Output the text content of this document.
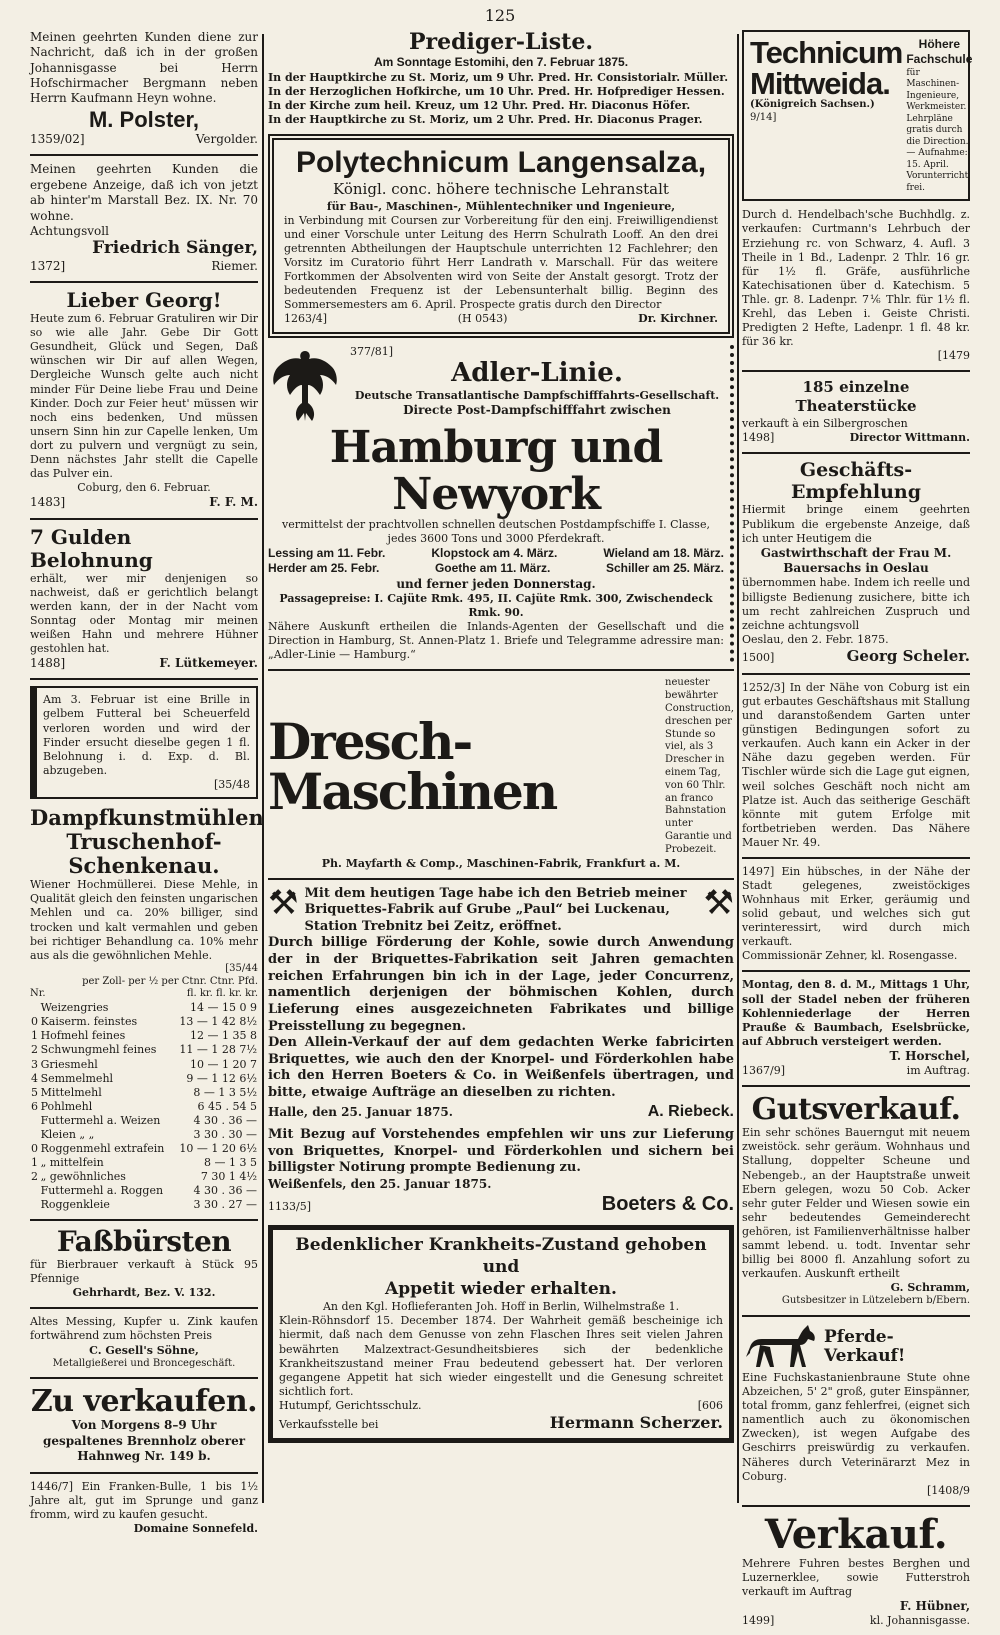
125

Meinen geehrten Kunden diene zur Nachricht, daß ich in der großen Johannisgasse bei Herrn Hofschirmacher Bergmann neben Herrn Kaufmann Heyn wohne.

M. Polster,
1359/02]	Vergolder.

Meinen geehrten Kunden die ergebene Anzeige, daß ich von jetzt ab hinter'm Marstall Bez. IX. Nr. 70 wohne.

Achtungsvoll
Friedrich Sänger,
1372]	Riemer.
Lieber Georg!

Heute zum 6. Februar Gratuliren wir Dir so wie alle Jahr. Gebe Dir Gott Gesundheit, Glück und Segen, Daß wünschen wir Dir auf allen Wegen, Dergleiche Wunsch gelte auch nicht minder Für Deine liebe Frau und Deine Kinder. Doch zur Feier heut' müssen wir noch eins bedenken, Und müssen unsern Sinn hin zur Capelle lenken, Um dort zu pulvern und vergnügt zu sein, Denn nächstes Jahr stellt die Capelle das Pulver ein.

Coburg, den 6. Februar.
1483]	F. F. M.
7 Gulden Belohnung

erhält, wer mir denjenigen so nachweist, daß er gerichtlich belangt werden kann, der in der Nacht vom Sonntag oder Montag mir meinen weißen Hahn und mehrere Hühner gestohlen hat.

1488]	F. Lütkemeyer.

Am 3. Februar ist eine Brille in gelbem Futteral bei Scheuerfeld verloren worden und wird der Finder ersucht dieselbe gegen 1 fl. Belohnung i. d. Exp. d. Bl. abzugeben.

[35/48
Dampfkunstmühlen
Truschenhof-Schenkenau.

Wiener Hochmüllerei. Diese Mehle, in Qualität gleich den feinsten ungarischen Mehlen und ca. 20% billiger, sind trocken und kalt vermahlen und geben bei richtiger Behandlung ca. 10% mehr aus als die gewöhnlichen Mehle.

[35/44
per Zoll- per ½ per Ctnr. Ctnr. Pfd.
Nr.	fl. kr. fl. kr. kr.
	Weizengries	14 — 15 0 9
0	Kaiserm. feinstes	13 — 1 42 8½
1	Hofmehl feines	12 — 1 35 8
2	Schwungmehl feines	11 — 1 28 7½
3	Griesmehl	10 — 1 20 7
4	Semmelmehl	9 — 1 12 6½
5	Mittelmehl	8 — 1 3 5½
6	Pohlmehl	6 45 . 54 5
	Futtermehl a. Weizen	4 30 . 36 —
	Kleien „ „	3 30 . 30 —
0	Roggenmehl extrafein	10 — 1 20 6½
1	„ mittelfein	8 — 1 3 5
2	„ gewöhnliches	7 30 1 4½
	Futtermehl a. Roggen	4 30 . 36 —
	Roggenkleie	3 30 . 27 —
Faßbürsten

für Bierbrauer verkauft à Stück 95 Pfennige

Gehrhardt, Bez. V. 132.

Altes Messing, Kupfer u. Zink kaufen fortwährend zum höchsten Preis

C. Gesell's Söhne,
Metallgießerei und Broncegeschäft.
Zu verkaufen.

Von Morgens 8–9 Uhr gespaltenes Brennholz oberer Hahnweg Nr. 149 b.

1446/7] Ein Franken-Bulle, 1 bis 1½ Jahre alt, gut im Sprunge und ganz fromm, wird zu kaufen gesucht.

Domaine Sonnefeld.
Prediger-Liste.
Am Sonntage Estomihi, den 7. Februar 1875.
In der Hauptkirche zu St. Moriz, um 9 Uhr. Pred. Hr. Consistorialr. Müller.
In der Herzoglichen Hofkirche, um 10 Uhr. Pred. Hr. Hofprediger Hessen.
In der Kirche zum heil. Kreuz, um 12 Uhr. Pred. Hr. Diaconus Höfer.
In der Hauptkirche zu St. Moriz, um 2 Uhr. Pred. Hr. Diaconus Prager.
Polytechnicum Langensalza,
Königl. conc. höhere technische Lehranstalt
für Bau-, Maschinen-, Mühlentechniker und Ingenieure,

in Verbindung mit Coursen zur Vorbereitung für den einj. Freiwilligendienst und einer Vorschule unter Leitung des Herrn Schulrath Looff. An den drei getrennten Abtheilungen der Hauptschule unterrichten 12 Fachlehrer; den Vorsitz im Curatorio führt Herr Landrath v. Marschall. Für das weitere Fortkommen der Absolventen wird von Seite der Anstalt gesorgt. Trotz der bedeutenden Frequenz ist der Lebensunterhalt billig. Beginn des Sommersemesters am 6. April. Prospecte gratis durch den Director

1263/4]	(H 0543)	Dr. Kirchner.
377/81]
Adler-Linie.
Deutsche Transatlantische Dampfschifffahrts-Gesellschaft.
Directe Post-Dampfschifffahrt zwischen
Hamburg und Newyork

vermittelst der prachtvollen schnellen deutschen Postdampfschiffe I. Classe, jedes 3600 Tons und 3000 Pferdekraft.

Lessing am 11. Febr.	Klopstock am 4. März.	Wieland am 18. März.
Herder am 25. Febr.	Goethe am 11. März.	Schiller am 25. März.
und ferner jeden Donnerstag.
Passagepreise: I. Cajüte Rmk. 495, II. Cajüte Rmk. 300, Zwischendeck Rmk. 90.

Nähere Auskunft ertheilen die Inlands-Agenten der Gesellschaft und die Direction in Hamburg, St. Annen-Platz 1. Briefe und Telegramme adressire man: „Adler-Linie — Hamburg.“

Dresch-Maschinen
neuester bewährter Construction, dreschen per Stunde so viel, als 3 Drescher in einem Tag, von 60 Thlr. an franco Bahnstation unter Garantie und Probezeit.
Ph. Mayfarth & Comp., Maschinen-Fabrik, Frankfurt a. M.
⚒ Mit dem heutigen Tage habe ich den Betrieb meiner Briquettes-Fabrik auf Grube „Paul“ bei Luckenau, Station Trebnitz bei Zeitz, eröffnet.

⚒

Durch billige Förderung der Kohle, sowie durch Anwendung der in der Briquettes-Fabrikation seit Jahren gemachten reichen Erfahrungen bin ich in der Lage, jeder Concurrenz, namentlich derjenigen der böhmischen Kohlen, durch Lieferung eines ausgezeichneten Fabrikates und billige Preisstellung zu begegnen.

Den Allein-Verkauf der auf dem gedachten Werke fabricirten Briquettes, wie auch den der Knorpel- und Förderkohlen habe ich den Herren Boeters & Co. in Weißenfels übertragen, und bitte, etwaige Aufträge an dieselben zu richten.

Halle, den 25. Januar 1875.	A. Riebeck.

Mit Bezug auf Vorstehendes empfehlen wir uns zur Lieferung von Briquettes, Knorpel- und Förderkohlen und sichern bei billigster Notirung prompte Bedienung zu.

Weißenfels, den 25. Januar 1875.
1133/5]	Boeters & Co.
Bedenklicher Krankheits-Zustand gehoben und
Appetit wieder erhalten.
An den Kgl. Hoflieferanten Joh. Hoff in Berlin, Wilhelmstraße 1.

Klein-Röhnsdorf 15. December 1874. Der Wahrheit gemäß bescheinige ich hiermit, daß nach dem Genusse von zehn Flaschen Ihres seit vielen Jahren bewährten Malzextract-Gesundheitsbieres sich der bedenkliche Krankheitszustand meiner Frau bedeutend gebessert hat. Der verloren gegangene Appetit hat sich wieder eingestellt und die Genesung schreitet sichtlich fort.

Hutumpf, Gerichtsschulz.	[606
Verkaufsstelle bei	Hermann Scherzer.
Technicum
Mittweida.
(Königreich Sachsen.)
9/14]
Höhere Fachschule
für Maschinen-Ingenieure, Werkmeister. Lehrpläne gratis durch die Direction. — Aufnahme: 15. April. Vorunterricht frei.

Durch d. Hendelbach'sche Buchhdlg. z. verkaufen: Curtmann's Lehrbuch der Erziehung rc. von Schwarz, 4. Aufl. 3 Theile in 1 Bd., Ladenpr. 2 Thlr. 16 gr. für 1½ fl. Gräfe, ausführliche Katechisationen über d. Katechism. 5 Thle. gr. 8. Ladenpr. 7⅙ Thlr. für 1½ fl. Krehl, das Leben i. Geiste Christi. Predigten 2 Hefte, Ladenpr. 1 fl. 48 kr. für 36 kr.

[1479
185 einzelne Theaterstücke
verkauft à ein Silbergroschen
1498]	Director Wittmann.
Geschäfts-Empfehlung

Hiermit bringe einem geehrten Publikum die ergebenste Anzeige, daß ich unter Heutigem die

Gastwirthschaft der Frau M. Bauersachs in Oeslau

übernommen habe. Indem ich reelle und billigste Bedienung zusichere, bitte ich um recht zahlreichen Zuspruch und zeichne achtungsvoll

Oeslau, den 2. Febr. 1875.
1500]	Georg Scheler.

1252/3] In der Nähe von Coburg ist ein gut erbautes Geschäftshaus mit Stallung und daranstoßendem Garten unter günstigen Bedingungen sofort zu verkaufen. Auch kann ein Acker in der Nähe dazu gegeben werden. Für Tischler würde sich die Lage gut eignen, weil solches Geschäft noch nicht am Platze ist. Auch das seitherige Geschäft könnte mit gutem Erfolge mit fortbetrieben werden. Das Nähere Mauer Nr. 49.

1497] Ein hübsches, in der Nähe der Stadt gelegenes, zweistöckiges Wohnhaus mit Erker, geräumig und solid gebaut, und welches sich gut verinteressirt, wird durch mich verkauft.

Commissionär Zehner, kl. Rosengasse.

Montag, den 8. d. M., Mittags 1 Uhr, soll der Stadel neben der früheren Kohlenniederlage der Herren Prauße & Baumbach, Eselsbrücke, auf Abbruch versteigert werden.

T. Horschel,
1367/9]	im Auftrag.
Gutsverkauf.

Ein sehr schönes Bauerngut mit neuem zweistöck. sehr geräum. Wohnhaus und Stallung, doppelter Scheune und Nebengeb., an der Hauptstraße unweit Ebern gelegen, wozu 50 Cob. Acker sehr guter Felder und Wiesen sowie ein sehr bedeutendes Gemeinderecht gehören, ist Familienverhältnisse halber sammt lebend. u. todt. Inventar sehr billig bei 8000 fl. Anzahlung sofort zu verkaufen. Auskunft ertheilt

G. Schramm,
Gutsbesitzer in Lützelebern b/Ebern.
Pferde-Verkauf!

Eine Fuchskastanienbraune Stute ohne Abzeichen, 5' 2" groß, guter Einspänner, total fromm, ganz fehlerfrei, (eignet sich namentlich auch zu ökonomischen Zwecken), ist wegen Aufgabe des Geschirrs preiswürdig zu verkaufen. Näheres durch Veterinärarzt Mez in Coburg.

[1408/9
Verkauf.

Mehrere Fuhren bestes Berghen und Luzernerklee, sowie Futterstroh verkauft im Auftrag

F. Hübner,
1499]	kl. Johannisgasse.
